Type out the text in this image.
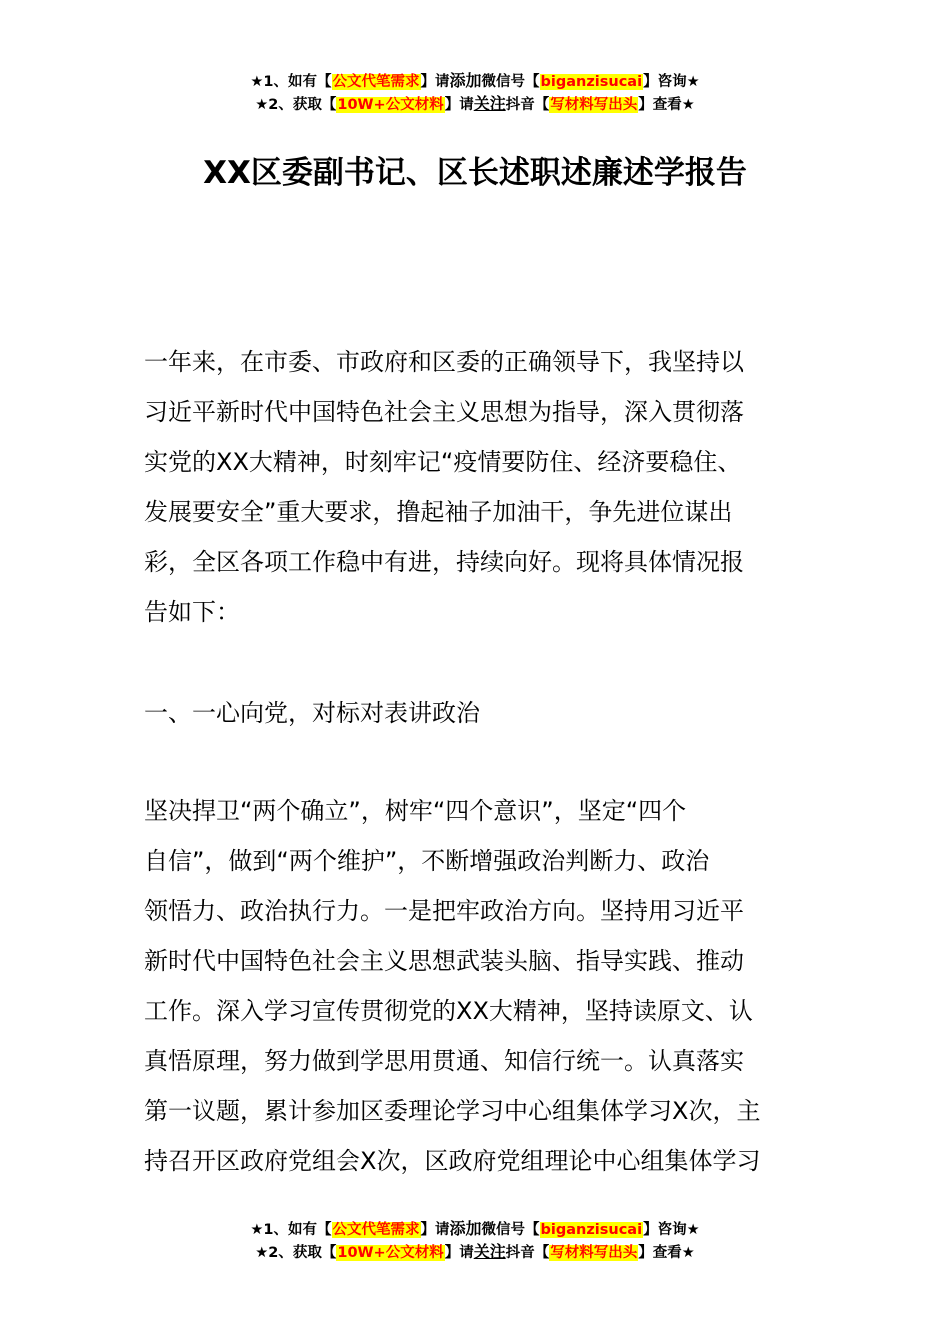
★1、如有【公文代笔需求】请添加微信号【biganzisucai】咨询★
★2、获取【10W+公文材料】请关注抖音【写材料写出头】查看★
XX区委副书记、区长述职述廉述学报告
一年来，在市委、市政府和区委的正确领导下，我坚持以
习近平新时代中国特色社会主义思想为指导，深入贯彻落
实党的XX大精神，时刻牢记“疫情要防住、经济要稳住、
发展要安全”重大要求，撸起袖子加油干，争先进位谋出
彩，全区各项工作稳中有进，持续向好。现将具体情况报
告如下：
一、一心向党，对标对表讲政治
坚决捍卫“两个确立”，树牢“四个意识”，坚定“四个
自信”，做到“两个维护”，不断增强政治判断力、政治
领悟力、政治执行力。一是把牢政治方向。坚持用习近平
新时代中国特色社会主义思想武装头脑、指导实践、推动
工作。深入学习宣传贯彻党的XX大精神，坚持读原文、认
真悟原理，努力做到学思用贯通、知信行统一。认真落实
第一议题，累计参加区委理论学习中心组集体学习X次，主
持召开区政府党组会X次，区政府党组理论中心组集体学习
★1、如有【公文代笔需求】请添加微信号【biganzisucai】咨询★
★2、获取【10W+公文材料】请关注抖音【写材料写出头】查看★
